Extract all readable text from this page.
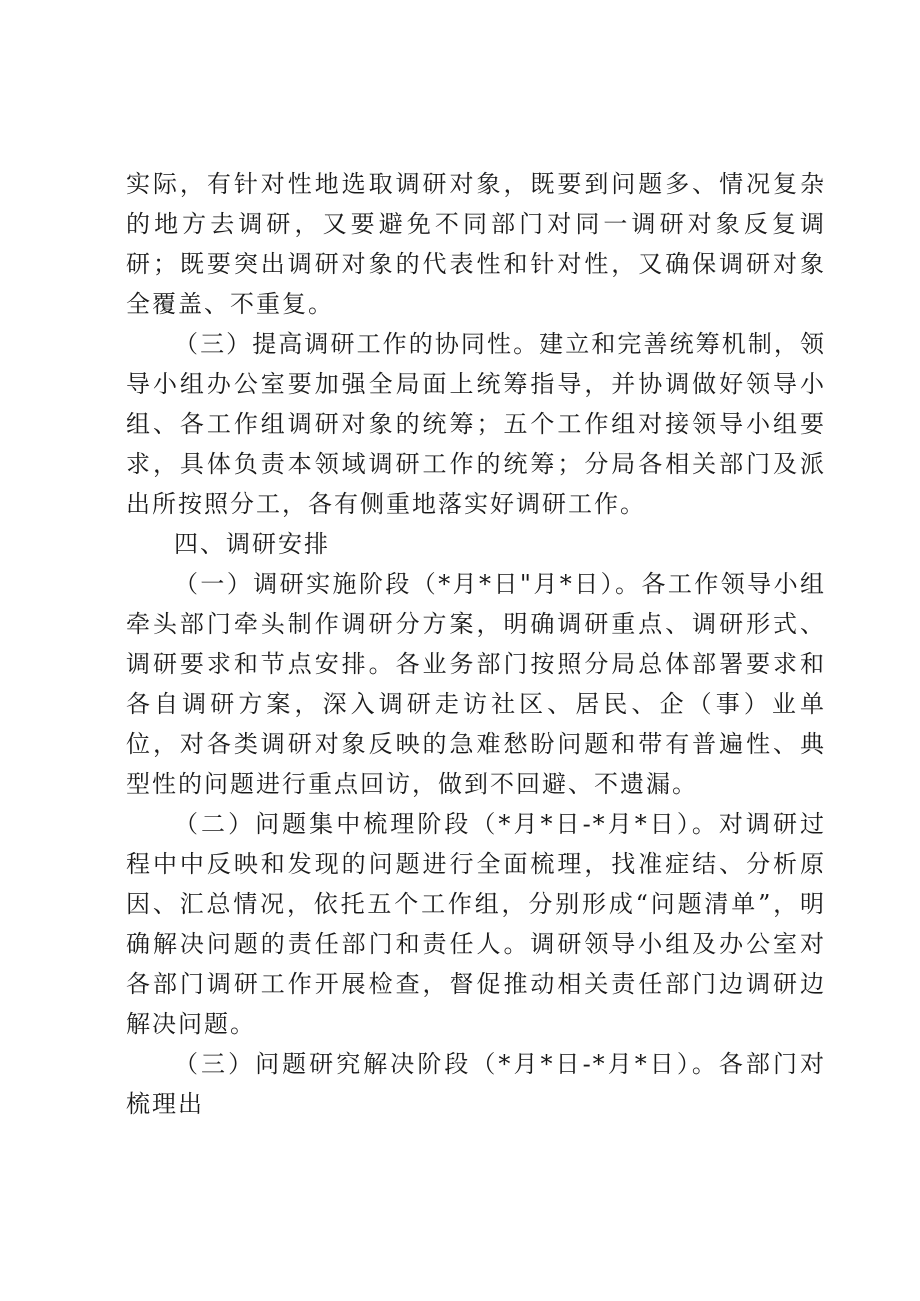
实际，有针对性地选取调研对象，既要到问题多、情况复杂的地方去调研，又要避免不同部门对同一调研对象反复调研；既要突出调研对象的代表性和针对性，又确保调研对象全覆盖、不重复。

（三）提高调研工作的协同性。建立和完善统筹机制，领导小组办公室要加强全局面上统筹指导，并协调做好领导小组、各工作组调研对象的统筹；五个工作组对接领导小组要求，具体负责本领域调研工作的统筹；分局各相关部门及派出所按照分工，各有侧重地落实好调研工作。

四、调研安排

（一）调研实施阶段（*月*日"月*日）。各工作领导小组牵头部门牵头制作调研分方案，明确调研重点、调研形式、调研要求和节点安排。各业务部门按照分局总体部署要求和各自调研方案，深入调研走访社区、居民、企（事）业单位，对各类调研对象反映的急难愁盼问题和带有普遍性、典型性的问题进行重点回访，做到不回避、不遗漏。

（二）问题集中梳理阶段（*月*日-*月*日）。对调研过程中中反映和发现的问题进行全面梳理，找准症结、分析原因、汇总情况，依托五个工作组，分别形成“问题清单”，明确解决问题的责任部门和责任人。调研领导小组及办公室对各部门调研工作开展检查，督促推动相关责任部门边调研边解决问题。

（三）问题研究解决阶段（*月*日-*月*日）。各部门对梳理出
